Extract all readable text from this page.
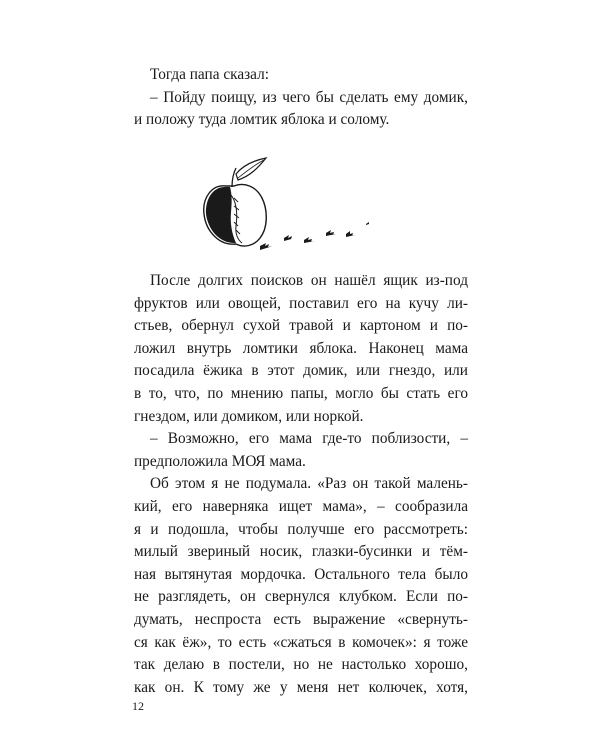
Тогда папа сказал:
– Пойду поищу, из чего бы сделать ему домик,
и положу туда ломтик яблока и солому.
После долгих поисков он нашёл ящик из-под
фруктов или овощей, поставил его на кучу ли-
стьев, обернул сухой травой и картоном и по-
ложил внутрь ломтики яблока. Наконец мама
посадила ёжика в этот домик, или гнездо, или
в то, что, по мнению папы, могло бы стать его
гнездом, или домиком, или норкой.
– Возможно, его мама где-то поблизости, –
предположила МОЯ мама.
Об этом я не подумала. «Раз он такой малень-
кий, его наверняка ищет мама», – сообразила
я и подошла, чтобы получше его рассмотреть:
милый звериный носик, глазки-бусинки и тём-
ная вытянутая мордочка. Остального тела было
не разглядеть, он свернулся клубком. Если по-
думать, неспроста есть выражение «свернуть-
ся как ёж», то есть «сжаться в комочек»: я тоже
так делаю в постели, но не настолько хорошо,
как он. К тому же у меня нет колючек, хотя,
12
